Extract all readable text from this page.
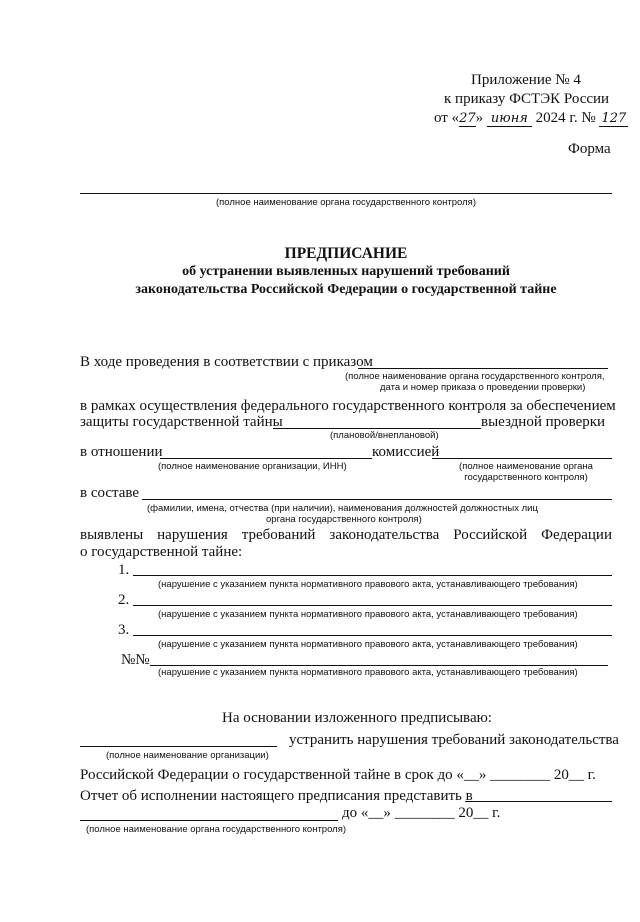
Приложение № 4
к приказу ФСТЭК России
от «27» июня 2024 г. № 127
Форма
(полное наименование органа государственного контроля)
ПРЕДПИСАНИЕ
об устранении выявленных нарушений требований
законодательства Российской Федерации о государственной тайне
В ходе проведения в соответствии с приказом
(полное наименование органа государственного контроля,
дата и номер приказа о проведении проверки)
в рамках осуществления федерального государственного контроля за обеспечением
защиты государственной тайны	выездной проверки
(плановой/внеплановой)
в отношении	комиссией
(полное наименование организации, ИНН)	(полное наименование органа
государственного контроля)
в составе
(фамилии, имена, отчества (при наличии), наименования должностей должностных лиц
органа государственного контроля)
выявлены нарушения требований законодательства Российской Федерации
о государственной тайне:
1.
(нарушение с указанием пункта нормативного правового акта, устанавливающего требования)
2.
(нарушение с указанием пункта нормативного правового акта, устанавливающего требования)
3.
(нарушение с указанием пункта нормативного правового акта, устанавливающего требования)
№№
(нарушение с указанием пункта нормативного правового акта, устанавливающего требования)
На основании изложенного предписываю:
устранить нарушения требований законодательства
(полное наименование организации)
Российской Федерации о государственной тайне в срок до «__» ________ 20__ г.
Отчет об исполнении настоящего предписания представить в
до «__» ________ 20__ г.
(полное наименование органа государственного контроля)
